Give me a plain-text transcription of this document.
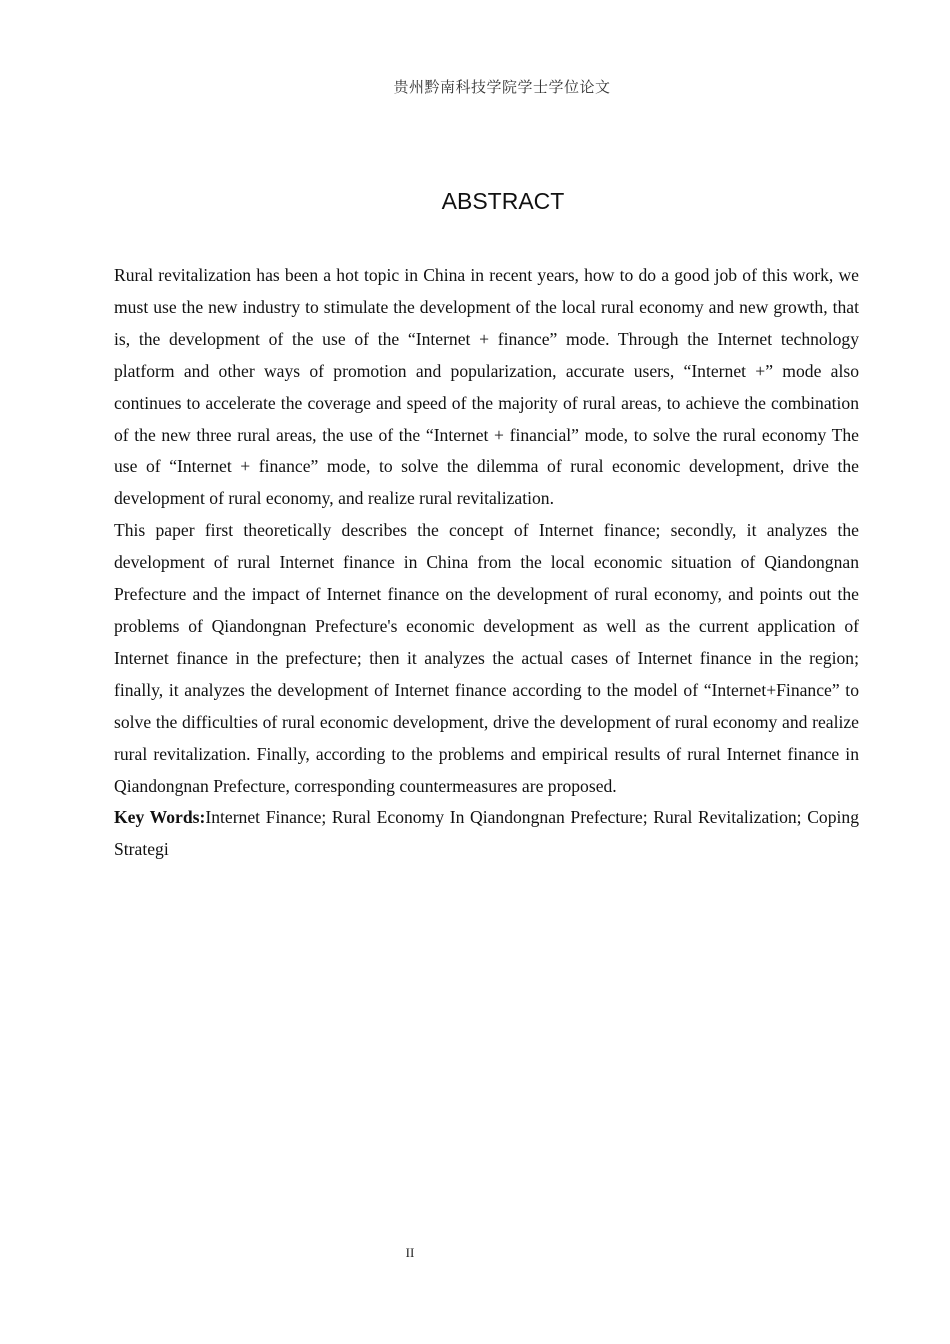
贵州黔南科技学院学士学位论文
ABSTRACT

Rural revitalization has been a hot topic in China in recent years, how to do a good job of this work, we must use the new industry to stimulate the development of the local rural economy and new growth, that is, the development of the use of the “Internet + finance” mode. Through the Internet technology platform and other ways of promotion and popularization, accurate users, “Internet +” mode also continues to accelerate the coverage and speed of the majority of rural areas, to achieve the combination of the new three rural areas, the use of the “Internet + financial” mode, to solve the rural economy The use of “Internet + finance” mode, to solve the dilemma of rural economic development, drive the development of rural economy, and realize rural revitalization.

This paper first theoretically describes the concept of Internet finance; secondly, it analyzes the development of rural Internet finance in China from the local economic situation of Qiandongnan Prefecture and the impact of Internet finance on the development of rural economy, and points out the problems of Qiandongnan Prefecture's economic development as well as the current application of Internet finance in the prefecture; then it analyzes the actual cases of Internet finance in the region; finally, it analyzes the development of Internet finance according to the model of “Internet+Finance” to solve the difficulties of rural economic development, drive the development of rural economy and realize rural revitalization. Finally, according to the problems and empirical results of rural Internet finance in Qiandongnan Prefecture, corresponding countermeasures are proposed.

Key Words:Internet Finance; Rural Economy In Qiandongnan Prefecture; Rural Revitalization; Coping Strategi

II
